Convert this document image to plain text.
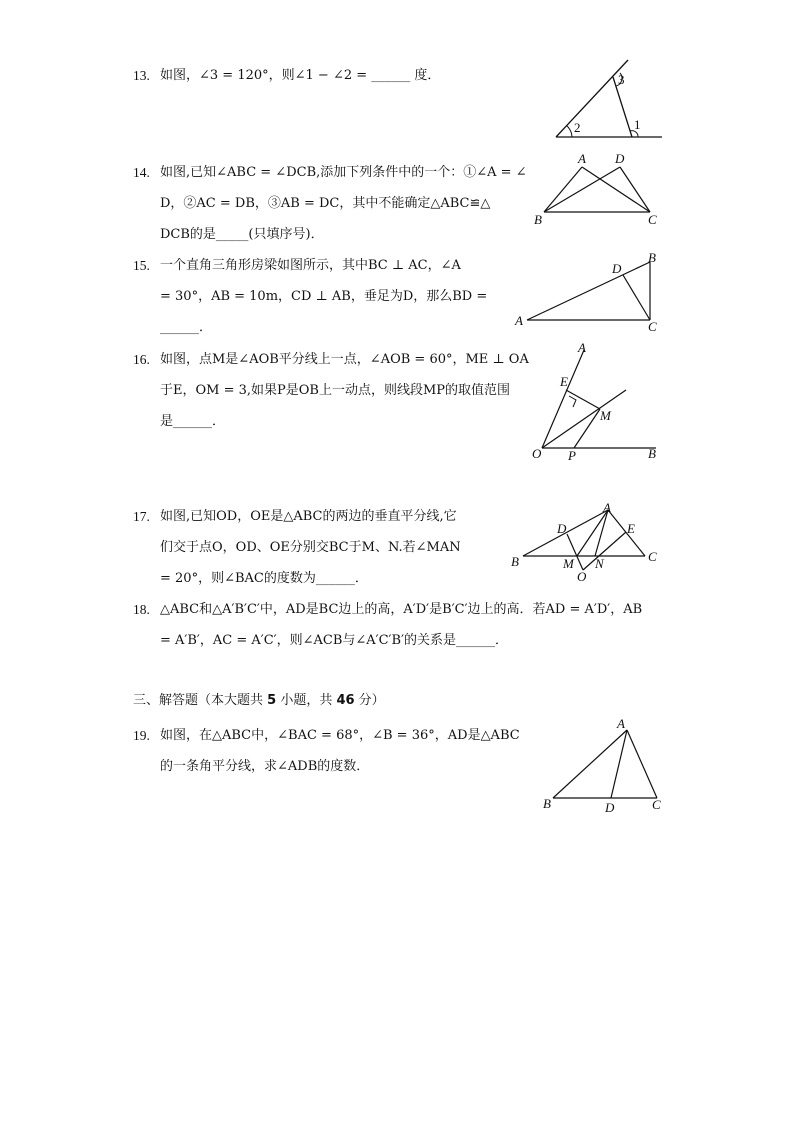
13. 如图，∠3 = 120°，则∠1 − ∠2 = ______ 度．	3
2	1
14. 如图,已知∠ABC = ∠DCB,添加下列条件中的一个：①∠A = ∠
D，②AC = DB，③AB = DC，其中不能确定△ABC≌△
DCB的是_____(只填序号)．
A D
B	C
15. 一个直角三角形房梁如图所示，其中BC ⊥ AC，∠A
= 30°，AB = 10m，CD ⊥ AB，垂足为D，那么BD =
______．
D
B
A	C
16. 如图，点M是∠AOB平分线上一点，∠AOB = 60°，ME ⊥ OA
于E，OM = 3,如果P是OB上一动点，则线段MP的取值范围
是______．
A
E
M
O P	B
17. 如图,已知OD，OE是△ABC的两边的垂直平分线,它
们交于点O，OD、OE分别交BC于M、N.若∠MAN
= 20°，则∠BAC的度数为______．
A
D	E
B	M N	C
O
18. △ABC和△A′B′C′中，AD是BC边上的高，A′D′是B′C′边上的高．若AD = A′D′，AB
= A′B′，AC = A′C′，则∠ACB与∠A′C′B′的关系是______．
三、解答题（本大题共 5 小题，共 46 分）
19. 如图，在△ABC中，∠BAC = 68°，∠B = 36°，AD是△ABC
的一条角平分线，求∠ADB的度数．
A
B	D	C
